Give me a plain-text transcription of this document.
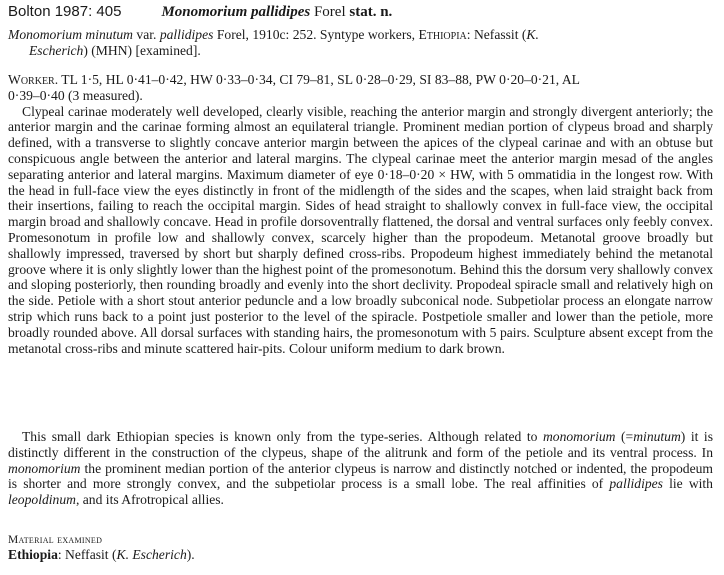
Bolton 1987: 405	Monomorium pallidipes Forel stat. n.
Monomorium minutum var. pallidipes Forel, 1910c: 252. Syntype workers, Ethiopia: Nefassit (K.
Escherich) (MHN) [examined].

Worker. TL 1·5, HL 0·41–0·42, HW 0·33–0·34, CI 79–81, SL 0·28–0·29, SI 83–88, PW 0·20–0·21, AL
0·39–0·40 (3 measured).

Clypeal carinae moderately well developed, clearly visible, reaching the anterior margin and strongly divergent anteriorly; the anterior margin and the carinae forming almost an equilateral triangle. Prominent median portion of clypeus broad and sharply defined, with a transverse to slightly concave anterior margin between the apices of the clypeal carinae and with an obtuse but conspicuous angle between the anterior and lateral margins. The clypeal carinae meet the anterior margin mesad of the angles separating anterior and lateral margins. Maximum diameter of eye 0·18–0·20 × HW, with 5 ommatidia in the longest row. With the head in full-face view the eyes distinctly in front of the midlength of the sides and the scapes, when laid straight back from their insertions, failing to reach the occipital margin. Sides of head straight to shallowly convex in full-face view, the occipital margin broad and shallowly concave. Head in profile dorsoventrally flattened, the dorsal and ventral surfaces only feebly convex. Promesonotum in profile low and shallowly convex, scarcely higher than the propodeum. Metanotal groove broadly but shallowly impressed, traversed by short but sharply defined cross-ribs. Propodeum highest immediately behind the metanotal groove where it is only slightly lower than the highest point of the promesonotum. Behind this the dorsum very shallowly convex and sloping posteriorly, then rounding broadly and evenly into the short declivity. Propodeal spiracle small and relatively high on the side. Petiole with a short stout anterior peduncle and a low broadly subconical node. Subpetiolar process an elongate narrow strip which runs back to a point just posterior to the level of the spiracle. Postpetiole smaller and lower than the petiole, more broadly rounded above. All dorsal surfaces with standing hairs, the promesonotum with 5 pairs. Sculpture absent except from the metanotal cross-ribs and minute scattered hair-pits. Colour uniform medium to dark brown.

This small dark Ethiopian species is known only from the type-series. Although related to monomorium (=minutum) it is distinctly different in the construction of the clypeus, shape of the alitrunk and form of the petiole and its ventral process. In monomorium the prominent median portion of the anterior clypeus is narrow and distinctly notched or indented, the propodeum is shorter and more strongly convex, and the subpetiolar process is a small lobe. The real affinities of pallidipes lie with leopoldinum, and its Afrotropical allies.

Material examined
Ethiopia: Neffasit (K. Escherich).
